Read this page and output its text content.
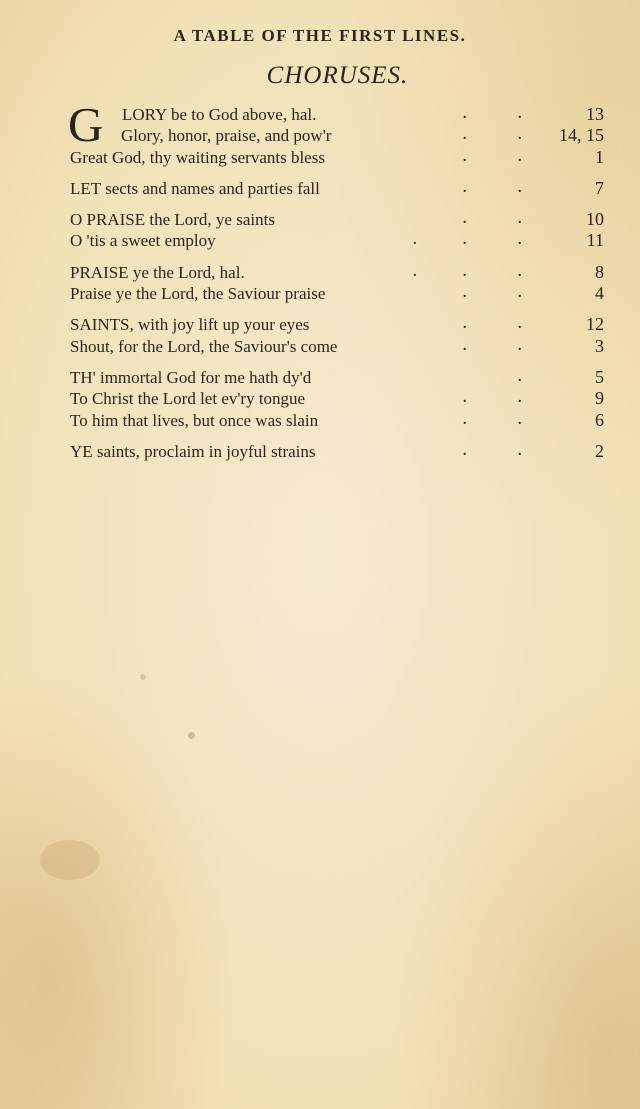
A TABLE OF THE FIRST LINES.
CHORUSES.
G LORY be to God above, hal.	.	.	13
Glory, honor, praise, and pow'r	.	. 14, 15
Great God, thy waiting servants bless	.	.	1
LET sects and names and parties fall	.	.	7
O PRAISE the Lord, ye saints	.	.	10
O 'tis a sweet employ	.	.	.	11
PRAISE ye the Lord, hal.	.	.	.	8
Praise ye the Lord, the Saviour praise	.	.	4
SAINTS, with joy lift up your eyes	.	.	12
Shout, for the Lord, the Saviour's come	.	.	3
TH' immortal God for me hath dy'd	.	5
To Christ the Lord let ev'ry tongue	.	.	9
To him that lives, but once was slain	.	.	6
YE saints, proclaim in joyful strains	.	.	2
